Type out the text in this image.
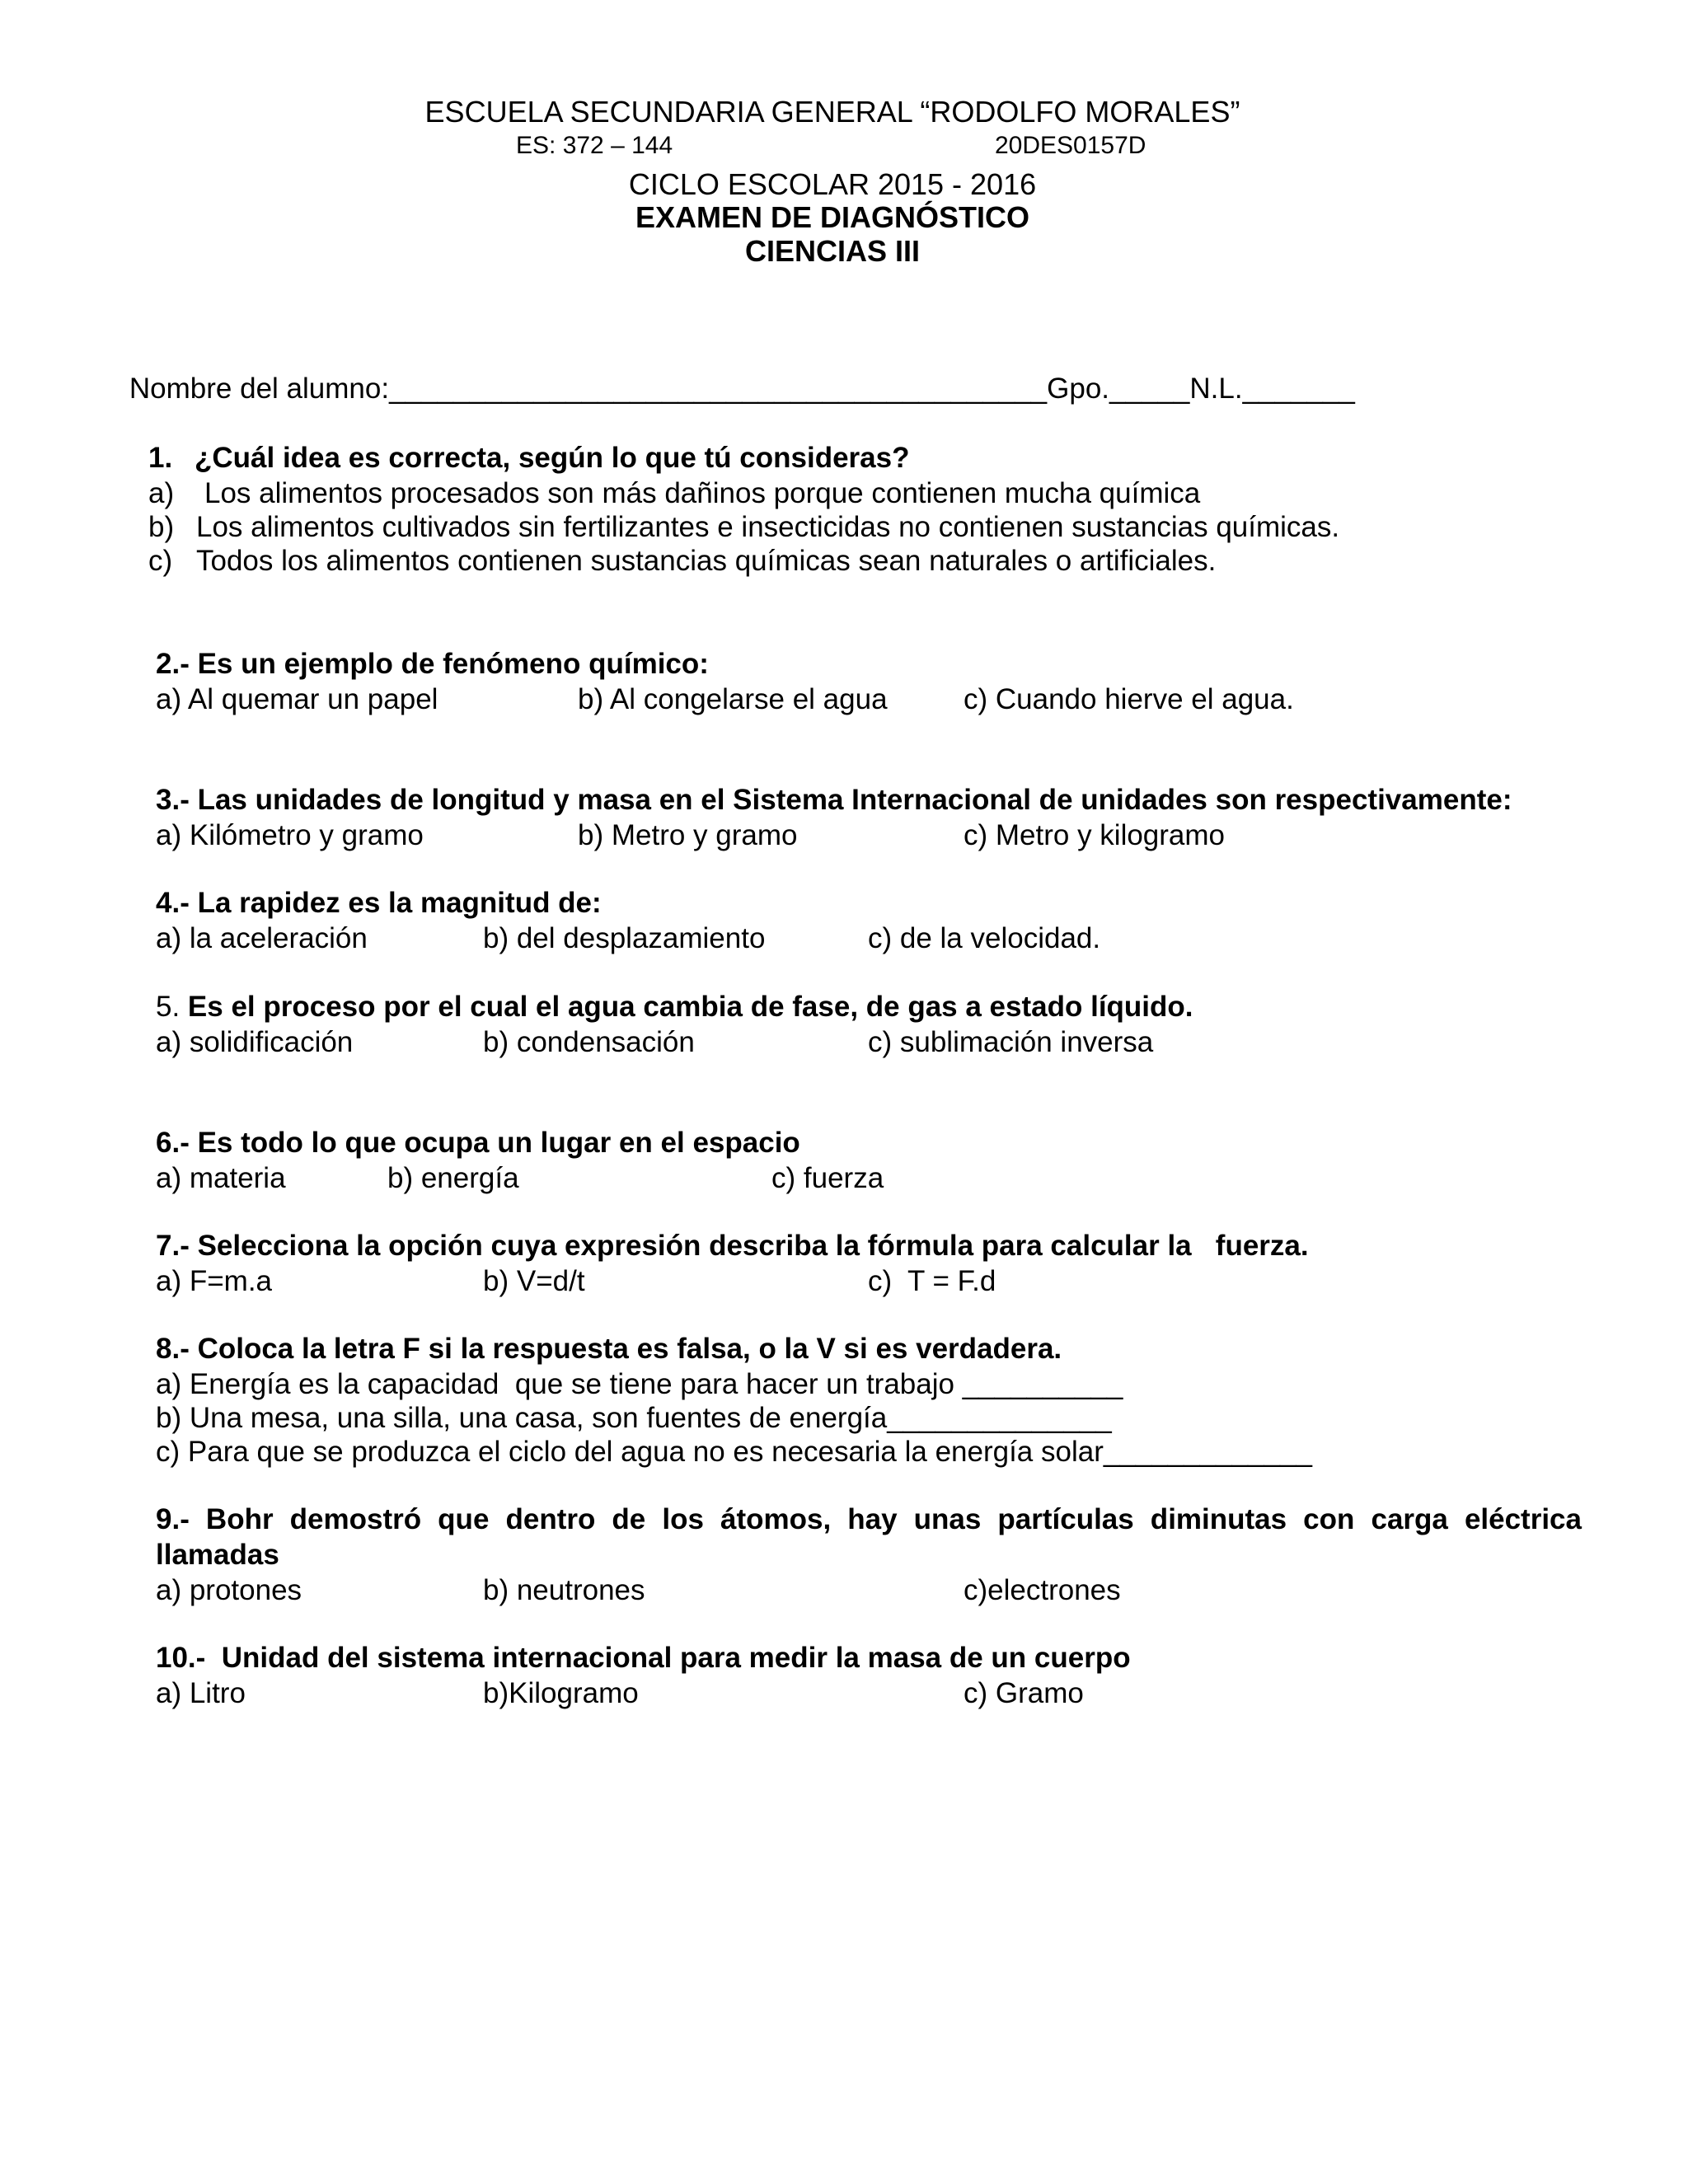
ESCUELA SECUNDARIA GENERAL “RODOLFO MORALES”
ES: 372 – 144	20DES0157D
CICLO ESCOLAR 2015 - 2016
EXAMEN DE DIAGNÓSTICO
CIENCIAS III

Nombre del alumno:_________________________________________Gpo._____N.L._______

1. ¿Cuál idea es correcta, según lo que tú consideras?
a) Los alimentos procesados son más dañinos porque contienen mucha química
b) Los alimentos cultivados sin fertilizantes e insecticidas no contienen sustancias químicas.
c) Todos los alimentos contienen sustancias químicas sean naturales o artificiales.
2.- Es un ejemplo de fenómeno químico:
a) Al quemar un papel	b) Al congelarse el agua	c) Cuando hierve el agua.
3.- Las unidades de longitud y masa en el Sistema Internacional de unidades son respectivamente:
a) Kilómetro y gramo	b) Metro y gramo	c) Metro y kilogramo
4.- La rapidez es la magnitud de:
a) la aceleración	b) del desplazamiento	c) de la velocidad.
5. Es el proceso por el cual el agua cambia de fase, de gas a estado líquido.
a) solidificación	b) condensación	c) sublimación inversa
6.- Es todo lo que ocupa un lugar en el espacio
a) materia	b) energía	c) fuerza
7.- Selecciona la opción cuya expresión describa la fórmula para calcular la   fuerza.
a) F=m.a	b) V=d/t	c)  T = F.d
8.- Coloca la letra F si la respuesta es falsa, o la V si es verdadera.
a) Energía es la capacidad  que se tiene para hacer un trabajo __________
b) Una mesa, una silla, una casa, son fuentes de energía______________
c) Para que se produzca el ciclo del agua no es necesaria la energía solar_____________
9.- Bohr demostró que dentro de los átomos, hay unas partículas diminutas con carga eléctrica
llamadas
a) protones	b) neutrones	c)electrones
10.-  Unidad del sistema internacional para medir la masa de un cuerpo
a) Litro	b)Kilogramo	c) Gramo
